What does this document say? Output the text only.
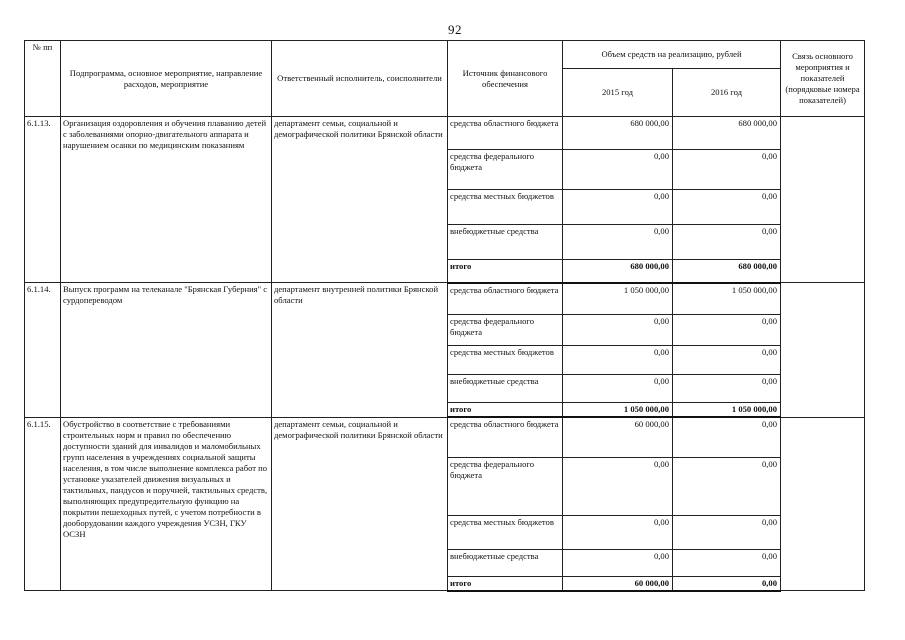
92
№ пп	Подпрограмма, основное мероприятие, направление расходов, мероприятие	Ответственный исполнитель, соисполнители	Источник финансового обеспечения	Объем средств на реализацию, рублей		Связь основного мероприятия и показателей (порядковые номера показателей)
				2015 год	2016 год	
6.1.13.	Организация оздоровления и обучения плаванию детей с заболеваниями опорно-двигательного аппарата и нарушением осанки по медицинским показаниям	департамент семьи, социальной и демографической политики Брянской области	средства областного бюджета	680 000,00	680 000,00	
			средства федерального бюджета	0,00	0,00	
			средства местных бюджетов	0,00	0,00	
			внебюджетные средства	0,00	0,00	
			итого	680 000,00	680 000,00	
6.1.14.	Выпуск программ на телеканале "Брянская Губерния" с сурдопереводом	департамент внутренней политики Брянской области	средства областного бюджета	1 050 000,00	1 050 000,00	
			средства федерального бюджета	0,00	0,00	
			средства местных бюджетов	0,00	0,00	
			внебюджетные средства	0,00	0,00	
			итого	1 050 000,00	1 050 000,00	
6.1.15.	Обустройство в соответствие с требованиями строительных норм и правил по обеспечению доступности зданий для инвалидов и маломобильных групп населения в учреждениях социальной защиты населения, в том числе выполнение комплекса работ по установке указателей движения визуальных и тактильных, пандусов и поручней, тактильных средств, выполняющих предупредительную функцию на покрытии пешеходных путей, с учетом потребности в дооборудовании каждого учреждения УСЗН, ГКУ ОСЗН	департамент семьи, социальной и демографической политики Брянской области	средства областного бюджета	60 000,00	0,00	
			средства федерального бюджета	0,00	0,00	
			средства местных бюджетов	0,00	0,00	
			внебюджетные средства	0,00	0,00	
			итого	60 000,00	0,00	
